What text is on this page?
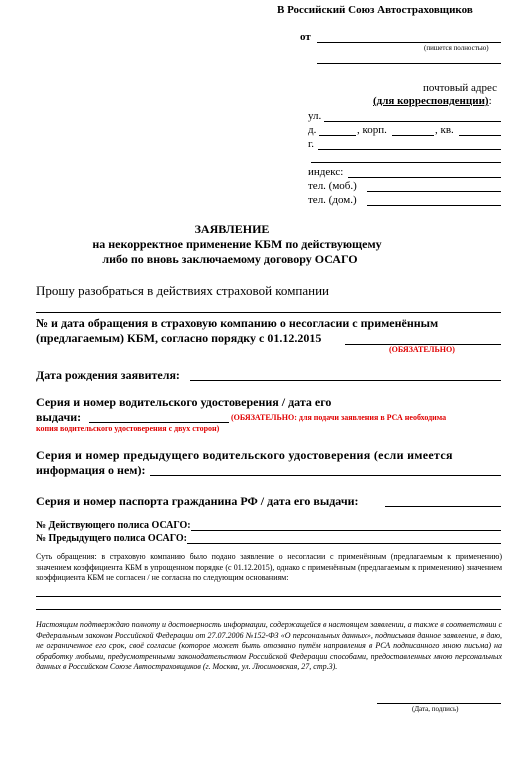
В Российский Союз Автостраховщиков
от
(пишется полностью)
почтовый адрес
(для корреспонденции):
ул.
д.	, корп.	, кв.
г.
индекс:
тел. (моб.)
тел. (дом.)
ЗАЯВЛЕНИЕ
на некорректное применение КБМ по действующему
либо по вновь заключаемому договору ОСАГО
Прошу разобраться в действиях страховой компании
№ и дата обращения в страховую компанию о несогласии с применённым
(предлагаемым) КБМ, согласно порядку с 01.12.2015
(ОБЯЗАТЕЛЬНО)
Дата рождения заявителя:
Серия и номер водительского удостоверения / дата его
выдачи:	(ОБЯЗАТЕЛЬНО: для подачи заявления в РСА необходима
копия водительского удостоверения с двух сторон)
Серия и номер предыдущего водительского удостоверения (если имеется
информация о нем):
Серия и номер паспорта гражданина РФ / дата его выдачи:
№ Действующего полиса ОСАГО:
№ Предыдущего полиса ОСАГО:
Суть обращения: в страховую компанию было подано заявление о несогласии с применённым (предлагаемым к применению) значением коэффициента КБМ в упрощенном порядке (с 01.12.2015), однако с применённым (предлагаемым к применению) значением коэффициента КБМ не согласен / не согласна по следующим основаниям:
Настоящим подтверждаю полноту и достоверность информации, содержащейся в настоящем заявлении, а также в соответствии с Федеральным законом Российской Федерации от 27.07.2006 №152-ФЗ «О персональных данных», подписывая данное заявление, я даю, не ограниченное его срок, своё согласие (которое может быть отозвано путём направления в РСА подписанного мною письма) на обработку любыми, предусмотренными законодательством Российской Федерации способами, предоставленных мною персональных данных в Российском Союзе Автостраховщиков (г. Москва, ул. Люсиновская, 27, стр.3).
(Дата, подпись)
